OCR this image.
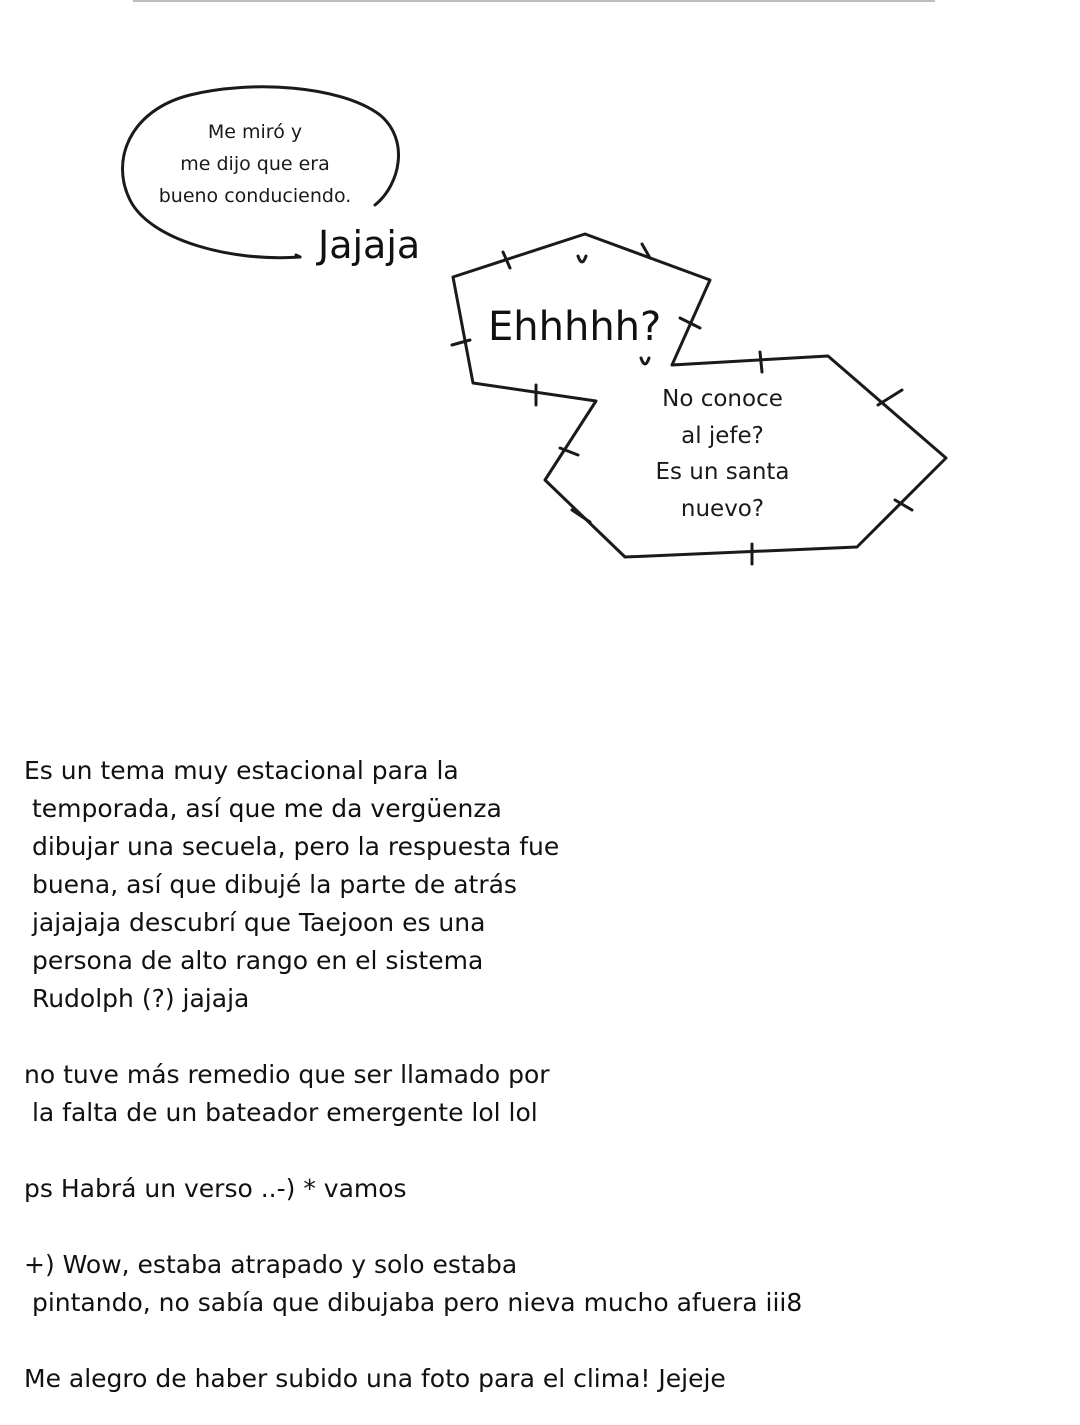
Me miró y
me dijo que era
bueno conduciendo.
Jajaja
Ehhhhh?
No conoce
al jefe?
Es un santa
nuevo?

Es un tema muy estacional para la
temporada, así que me da vergüenza
dibujar una secuela, pero la respuesta fue
buena, así que dibujé la parte de atrás
jajajaja descubrí que Taejoon es una
persona de alto rango en el sistema
Rudolph (?) jajaja

no tuve más remedio que ser llamado por
la falta de un bateador emergente lol lol

ps Habrá un verso ..-) * vamos

+) Wow, estaba atrapado y solo estaba
pintando, no sabía que dibujaba pero nieva mucho afuera iii8

Me alegro de haber subido una foto para el clima! Jejeje
